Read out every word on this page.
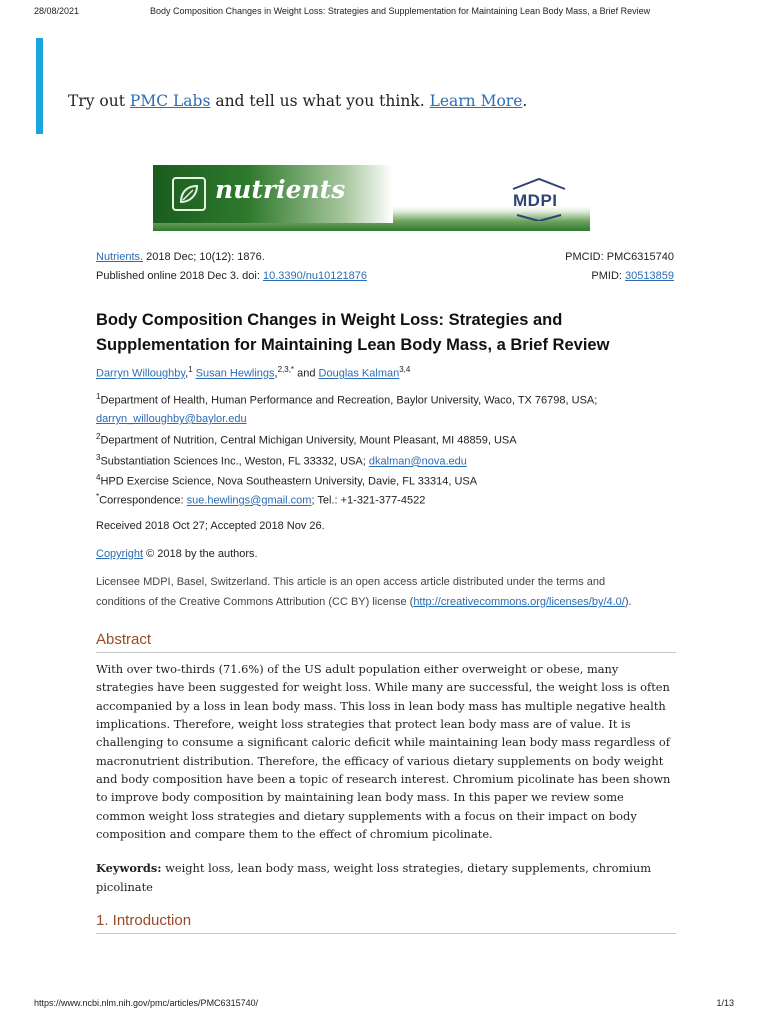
28/08/2021	Body Composition Changes in Weight Loss: Strategies and Supplementation for Maintaining Lean Body Mass, a Brief Review
Try out PMC Labs and tell us what you think. Learn More.
nutrients	MDPI
Nutrients. 2018 Dec; 10(12): 1876.
Published online 2018 Dec 3. doi: 10.3390/nu10121876
PMCID: PMC6315740
PMID: 30513859
Body Composition Changes in Weight Loss: Strategies and Supplementation for Maintaining Lean Body Mass, a Brief Review
Darryn Willoughby,$^1$ Susan Hewlings,$^{2,3,*}$ and Douglas Kalman$^{3,4}$
$^1$Department of Health, Human Performance and Recreation, Baylor University, Waco, TX 76798, USA;
darryn_willoughby@baylor.edu
$^2$Department of Nutrition, Central Michigan University, Mount Pleasant, MI 48859, USA
$^3$Substantiation Sciences Inc., Weston, FL 33332, USA; dkalman@nova.edu
$^4$HPD Exercise Science, Nova Southeastern University, Davie, FL 33314, USA
*Correspondence: sue.hewlings@gmail.com; Tel.: +1-321-377-4522
Received 2018 Oct 27; Accepted 2018 Nov 26.
Copyright © 2018 by the authors.
Licensee MDPI, Basel, Switzerland. This article is an open access article distributed under the terms and
conditions of the Creative Commons Attribution (CC BY) license (http://creativecommons.org/licenses/by/4.0/).
Abstract
With over two-thirds (71.6%) of the US adult population either overweight or obese, many strategies have been suggested for weight loss. While many are successful, the weight loss is often accompanied by a loss in lean body mass. This loss in lean body mass has multiple negative health implications. Therefore, weight loss strategies that protect lean body mass are of value. It is challenging to consume a significant caloric deficit while maintaining lean body mass regardless of macronutrient distribution. Therefore, the efficacy of various dietary supplements on body weight and body composition have been a topic of research interest. Chromium picolinate has been shown to improve body composition by maintaining lean body mass. In this paper we review some common weight loss strategies and dietary supplements with a focus on their impact on body composition and compare them to the effect of chromium picolinate.
Keywords: weight loss, lean body mass, weight loss strategies, dietary supplements, chromium picolinate
1. Introduction
https://www.ncbi.nlm.nih.gov/pmc/articles/PMC6315740/	1/13
